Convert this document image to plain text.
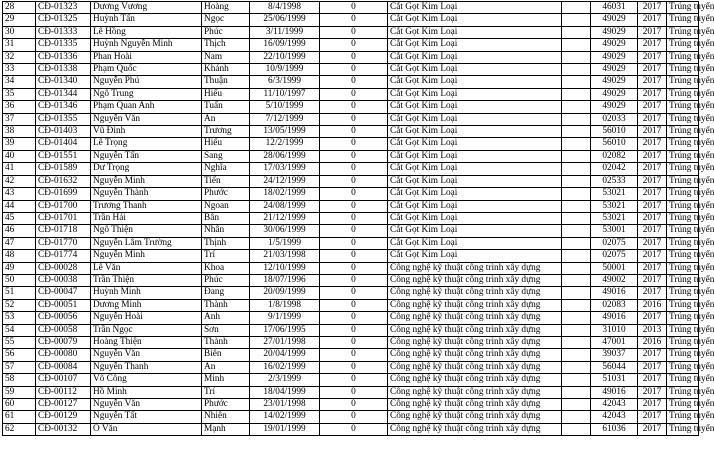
28	CĐ-01323	Dương Vương	Hoàng	8/4/1998	0	Cắt Gọt Kim Loại		46031	2017	Trúng tuyển
29	CĐ-01325	Huỳnh Tấn	Ngọc	25/06/1999	0	Cắt Gọt Kim Loại		49029	2017	Trúng tuyển
30	CĐ-01333	Lê Hồng	Phúc	3/11/1999	0	Cắt Gọt Kim Loại		49029	2017	Trúng tuyển
31	CĐ-01335	Huỳnh Nguyễn Minh	Thịch	16/09/1999	0	Cắt Gọt Kim Loại		49029	2017	Trúng tuyển
32	CĐ-01336	Phan Hoài	Nam	22/10/1999	0	Cắt Gọt Kim Loại		49029	2017	Trúng tuyển
33	CĐ-01338	Phạm Quốc	Khánh	10/9/1999	0	Cắt Gọt Kim Loại		49029	2017	Trúng tuyển
34	CĐ-01340	Nguyễn Phú	Thuận	6/3/1999	0	Cắt Gọt Kim Loại		49029	2017	Trúng tuyển
35	CĐ-01344	Ngô Trung	Hiếu	11/10/1997	0	Cắt Gọt Kim Loại		49029	2017	Trúng tuyển
36	CĐ-01346	Phạm Quan Anh	Tuấn	5/10/1999	0	Cắt Gọt Kim Loại		49029	2017	Trúng tuyển
37	CĐ-01355	Nguyễn Văn	An	7/12/1999	0	Cắt Gọt Kim Loại		02033	2017	Trúng tuyển
38	CĐ-01403	Vũ Đình	Trương	13/05/1999	0	Cắt Gọt Kim Loại		56010	2017	Trúng tuyển
39	CĐ-01404	Lê Trọng	Hiếu	12/2/1999	0	Cắt Gọt Kim Loại		56010	2017	Trúng tuyển
40	CĐ-01551	Nguyễn Tấn	Sang	28/06/1999	0	Cắt Gọt Kim Loại		02082	2017	Trúng tuyển
41	CĐ-01589	Dư Trọng	Nghĩa	17/03/1999	0	Cắt Gọt Kim Loại		02042	2017	Trúng tuyển
42	CĐ-01632	Nguyễn Minh	Tiến	24/12/1999	0	Cắt Gọt Kim Loại		02533	2017	Trúng tuyển
43	CĐ-01699	Nguyễn Thành	Phước	18/02/1999	0	Cắt Gọt Kim Loại		53021	2017	Trúng tuyển
44	CĐ-01700	Trương Thanh	Ngoan	24/08/1999	0	Cắt Gọt Kim Loại		53021	2017	Trúng tuyển
45	CĐ-01701	Trần Hải	Bân	21/12/1999	0	Cắt Gọt Kim Loại		53021	2017	Trúng tuyển
46	CĐ-01718	Ngô Thiện	Nhân	30/06/1999	0	Cắt Gọt Kim Loại		53001	2017	Trúng tuyển
47	CĐ-01770	Nguyễn Lâm Trường	Thịnh	1/5/1999	0	Cắt Gọt Kim Loại		02075	2017	Trúng tuyển
48	CĐ-01774	Nguyễn Minh	Trí	21/03/1998	0	Cắt Gọt Kim Loại		02075	2017	Trúng tuyển
49	CĐ-00028	Lê Văn	Khoa	12/10/1999	0	Công nghệ kỹ thuật công trình xây dựng		50001	2017	Trúng tuyển
50	CĐ-00038	Trần Thiện	Phúc	18/07/1996	0	Công nghệ kỹ thuật công trình xây dựng		49002	2017	Trúng tuyển
51	CĐ-00047	Huỳnh Minh	Đang	20/09/1999	0	Công nghệ kỹ thuật công trình xây dựng		49016	2017	Trúng tuyển
52	CĐ-00051	Dương Minh	Thành	1/8/1998	0	Công nghệ kỹ thuật công trình xây dựng		02083	2016	Trúng tuyển
53	CĐ-00056	Nguyễn Hoài	Anh	9/1/1999	0	Công nghệ kỹ thuật công trình xây dựng		49016	2017	Trúng tuyển
54	CĐ-00058	Trần Ngọc	Sơn	17/06/1995	0	Công nghệ kỹ thuật công trình xây dựng		31010	2013	Trúng tuyển
55	CĐ-00079	Hoàng Thiện	Thành	27/01/1998	0	Công nghệ kỹ thuật công trình xây dựng		47001	2016	Trúng tuyển
56	CĐ-00080	Nguyễn Văn	Biên	20/04/1999	0	Công nghệ kỹ thuật công trình xây dựng		39037	2017	Trúng tuyển
57	CĐ-00084	Nguyễn Thanh	An	16/02/1999	0	Công nghệ kỹ thuật công trình xây dựng		56044	2017	Trúng tuyển
58	CĐ-00107	Võ Công	Minh	2/3/1999	0	Công nghệ kỹ thuật công trình xây dựng		51031	2017	Trúng tuyển
59	CĐ-00112	Hồ Minh	Trí	18/04/1999	0	Công nghệ kỹ thuật công trình xây dựng		49016	2017	Trúng tuyển
60	CĐ-00127	Nguyễn Văn	Phước	23/01/1998	0	Công nghệ kỹ thuật công trình xây dựng		42043	2017	Trúng tuyển
61	CĐ-00129	Nguyễn Tất	Nhiên	14/02/1999	0	Công nghệ kỹ thuật công trình xây dựng		42043	2017	Trúng tuyển
62	CĐ-00132	Ô Văn	Mạnh	19/01/1999	0	Công nghệ kỹ thuật công trình xây dựng		61036	2017	Trúng tuyển
